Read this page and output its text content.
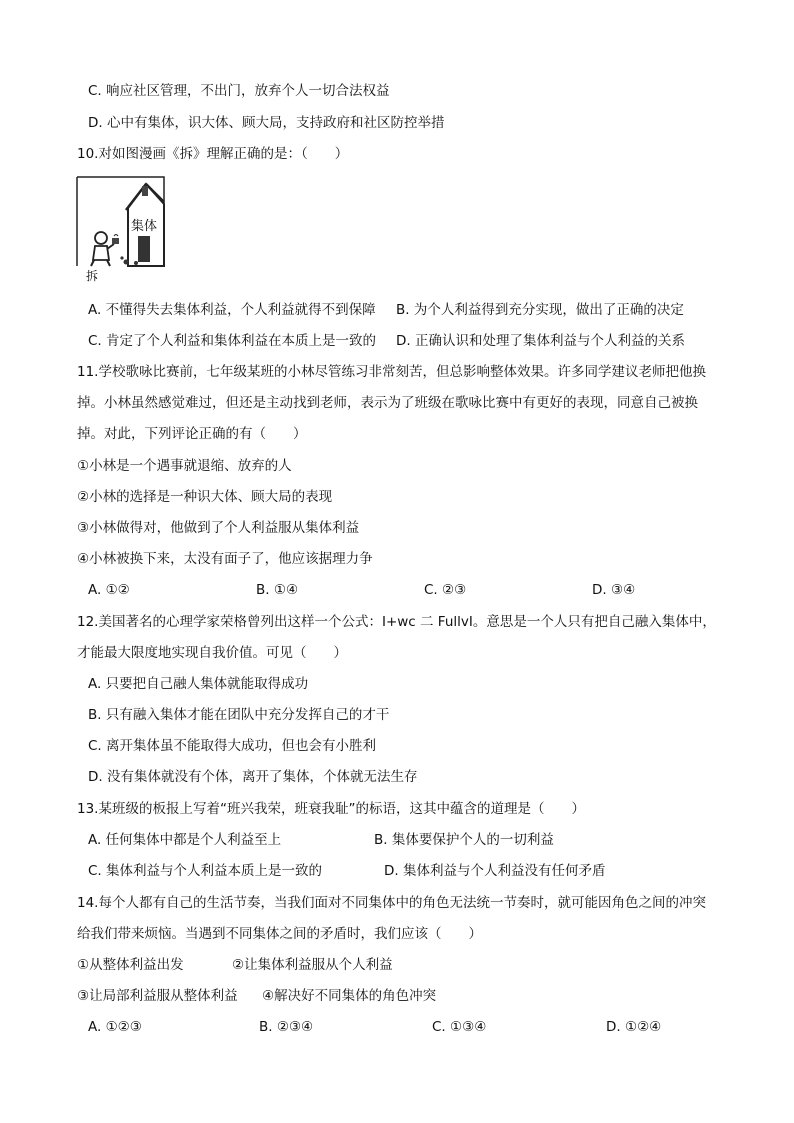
C. 响应社区管理，不出门，放弃个人一切合法权益
D. 心中有集体，识大体、顾大局，支持政府和社区防控举措
10.对如图漫画《拆》理解正确的是：（　　）
集体
拆
A. 不懂得失去集体利益，个人利益就得不到保障 B. 为个人利益得到充分实现，做出了正确的决定
C. 肯定了个人利益和集体利益在本质上是一致的 D. 正确认识和处理了集体利益与个人利益的关系
11.学校歌咏比赛前，七年级某班的小林尽管练习非常刻苦，但总影响整体效果。许多同学建议老师把他换
掉。小林虽然感觉难过，但还是主动找到老师，表示为了班级在歌咏比赛中有更好的表现，同意自己被换
掉。对此，下列评论正确的有（　　）
①小林是一个遇事就退缩、放弃的人
②小林的选择是一种识大体、顾大局的表现
③小林做得对，他做到了个人利益服从集体利益
④小林被换下来，太没有面子了，他应该据理力争
A. ①②	B. ①④	C. ②③	D. ③④
12.美国著名的心理学家荣格曾列出这样一个公式：I+wc 二 FullvI。意思是一个人只有把自己融入集体中，
才能最大限度地实现自我价值。可见（　　）
A. 只要把自己融人集体就能取得成功
B. 只有融入集体才能在团队中充分发挥自己的才干
C. 离开集体虽不能取得大成功，但也会有小胜利
D. 没有集体就没有个体，离开了集体，个体就无法生存
13.某班级的板报上写着“班兴我荣，班衰我耻”的标语，这其中蕴含的道理是（　　）
A. 任何集体中都是个人利益至上	B. 集体要保护个人的一切利益
C. 集体利益与个人利益本质上是一致的	D. 集体利益与个人利益没有任何矛盾
14.每个人都有自己的生活节奏，当我们面对不同集体中的角色无法统一节奏时，就可能因角色之间的冲突
给我们带来烦恼。当遇到不同集体之间的矛盾时，我们应该（　　）
①从整体利益出发	②让集体利益服从个人利益
③让局部利益服从整体利益 ④解决好不同集体的角色冲突
A. ①②③	B. ②③④	C. ①③④	D. ①②④
